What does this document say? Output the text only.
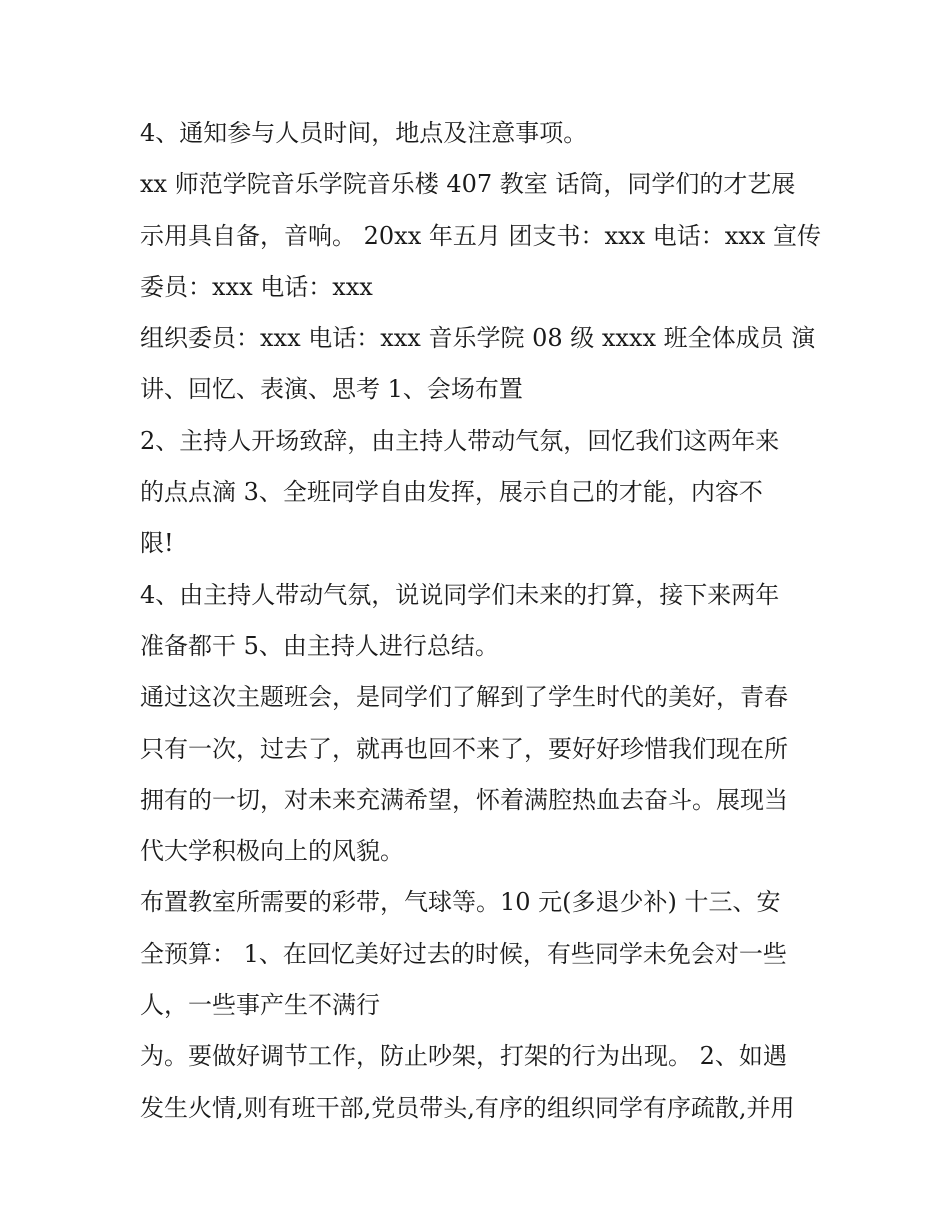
4、通知参与人员时间，地点及注意事项。
xx 师范学院音乐学院音乐楼 407 教室 话筒，同学们的才艺展
示用具自备，音响。 20xx 年五月 团支书：xxx 电话：xxx 宣传
委员：xxx 电话：xxx
组织委员：xxx 电话：xxx 音乐学院 08 级 xxxx 班全体成员 演
讲、回忆、表演、思考 1、会场布置
2、主持人开场致辞，由主持人带动气氛，回忆我们这两年来
的点点滴 3、全班同学自由发挥，展示自己的才能，内容不
限!
4、由主持人带动气氛，说说同学们未来的打算，接下来两年
准备都干 5、由主持人进行总结。
通过这次主题班会，是同学们了解到了学生时代的美好，青春
只有一次，过去了，就再也回不来了，要好好珍惜我们现在所
拥有的一切，对未来充满希望，怀着满腔热血去奋斗。展现当
代大学积极向上的风貌。
布置教室所需要的彩带，气球等。10 元(多退少补) 十三、安
全预算： 1、在回忆美好过去的时候，有些同学未免会对一些
人，一些事产生不满行
为。要做好调节工作，防止吵架，打架的行为出现。 2、如遇
发生火情,则有班干部,党员带头,有序的组织同学有序疏散,并用
